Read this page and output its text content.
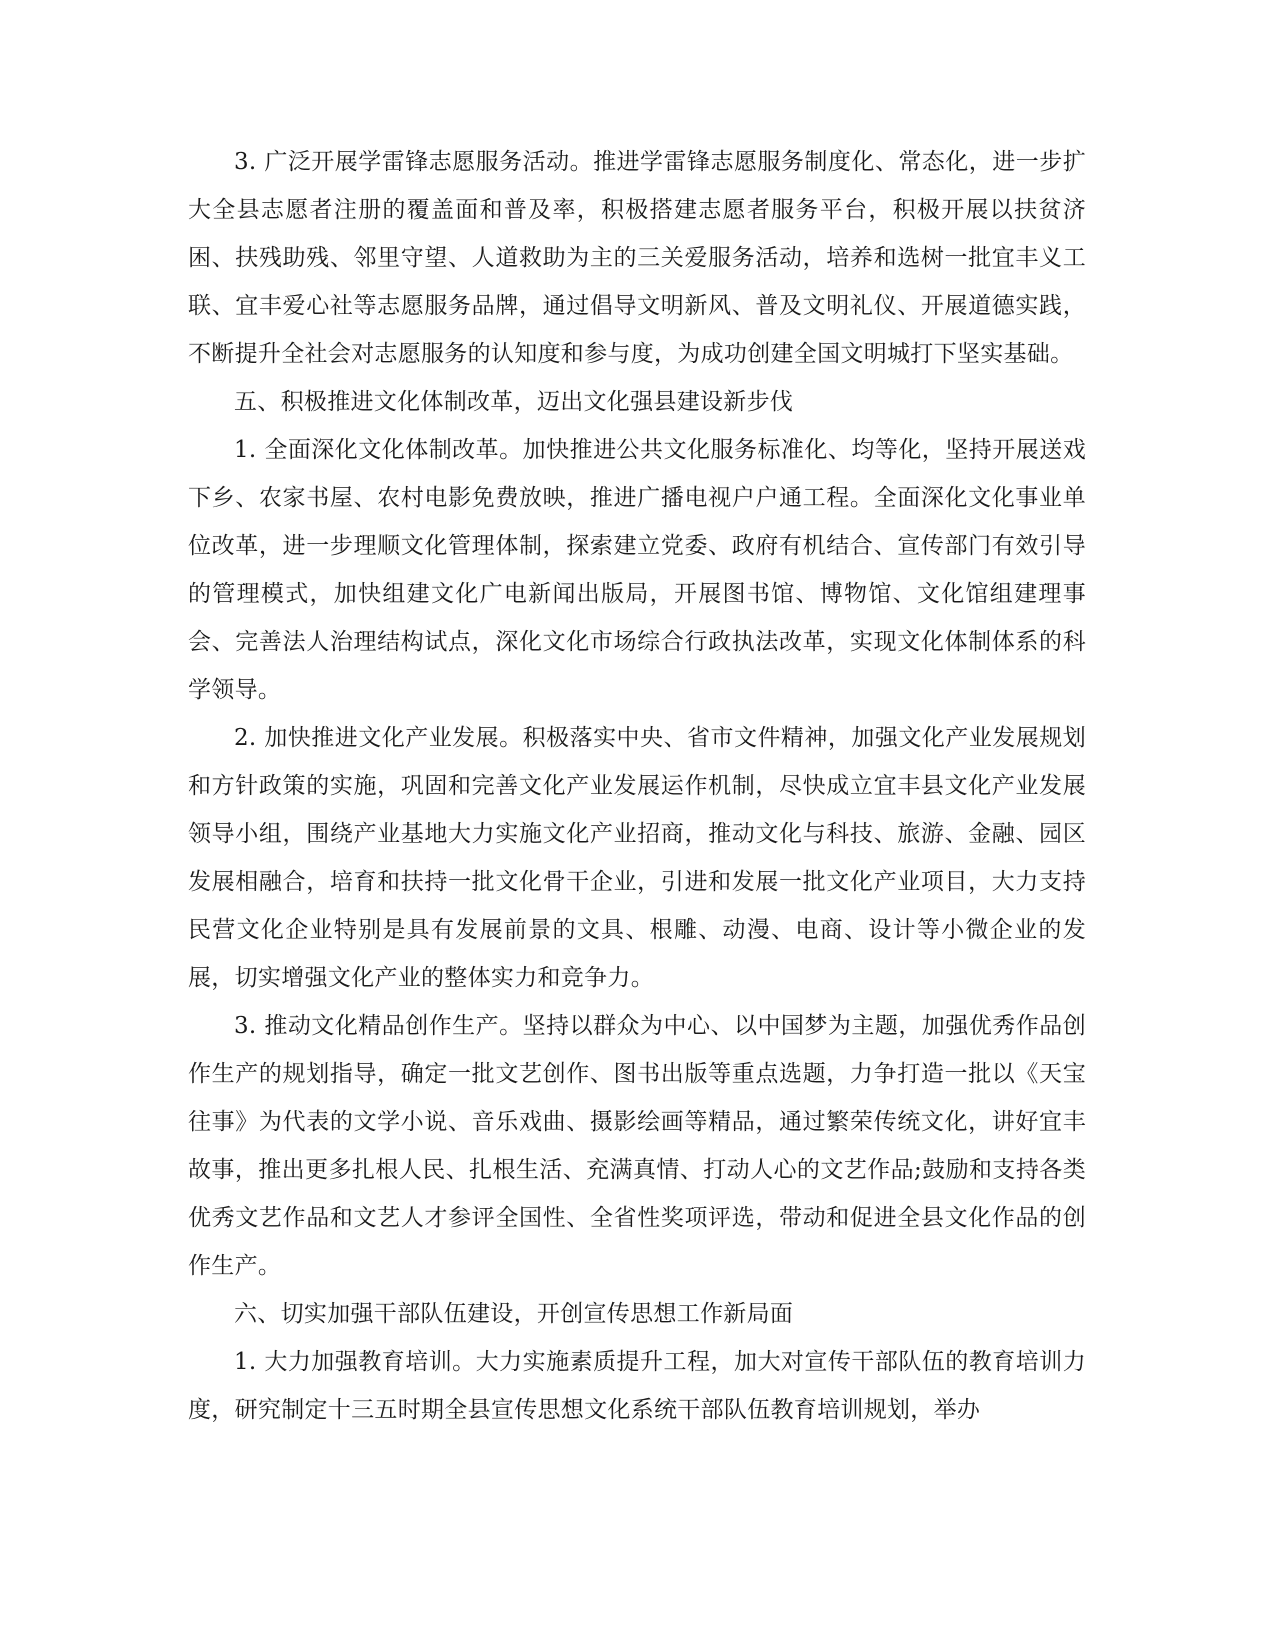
3. 广泛开展学雷锋志愿服务活动。推进学雷锋志愿服务制度化、常态化，进一步扩大全县志愿者注册的覆盖面和普及率，积极搭建志愿者服务平台，积极开展以扶贫济困、扶残助残、邻里守望、人道救助为主的三关爱服务活动，培养和选树一批宜丰义工联、宜丰爱心社等志愿服务品牌，通过倡导文明新风、普及文明礼仪、开展道德实践，不断提升全社会对志愿服务的认知度和参与度，为成功创建全国文明城打下坚实基础。

五、积极推进文化体制改革，迈出文化强县建设新步伐

1. 全面深化文化体制改革。加快推进公共文化服务标准化、均等化，坚持开展送戏下乡、农家书屋、农村电影免费放映，推进广播电视户户通工程。全面深化文化事业单位改革，进一步理顺文化管理体制，探索建立党委、政府有机结合、宣传部门有效引导的管理模式，加快组建文化广电新闻出版局，开展图书馆、博物馆、文化馆组建理事会、完善法人治理结构试点，深化文化市场综合行政执法改革，实现文化体制体系的科学领导。

2. 加快推进文化产业发展。积极落实中央、省市文件精神，加强文化产业发展规划和方针政策的实施，巩固和完善文化产业发展运作机制，尽快成立宜丰县文化产业发展领导小组，围绕产业基地大力实施文化产业招商，推动文化与科技、旅游、金融、园区发展相融合，培育和扶持一批文化骨干企业，引进和发展一批文化产业项目，大力支持民营文化企业特别是具有发展前景的文具、根雕、动漫、电商、设计等小微企业的发展，切实增强文化产业的整体实力和竞争力。

3. 推动文化精品创作生产。坚持以群众为中心、以中国梦为主题，加强优秀作品创作生产的规划指导，确定一批文艺创作、图书出版等重点选题，力争打造一批以《天宝往事》为代表的文学小说、音乐戏曲、摄影绘画等精品，通过繁荣传统文化，讲好宜丰故事，推出更多扎根人民、扎根生活、充满真情、打动人心的文艺作品;鼓励和支持各类优秀文艺作品和文艺人才参评全国性、全省性奖项评选，带动和促进全县文化作品的创作生产。

六、切实加强干部队伍建设，开创宣传思想工作新局面

1. 大力加强教育培训。大力实施素质提升工程，加大对宣传干部队伍的教育培训力度，研究制定十三五时期全县宣传思想文化系统干部队伍教育培训规划，举办
